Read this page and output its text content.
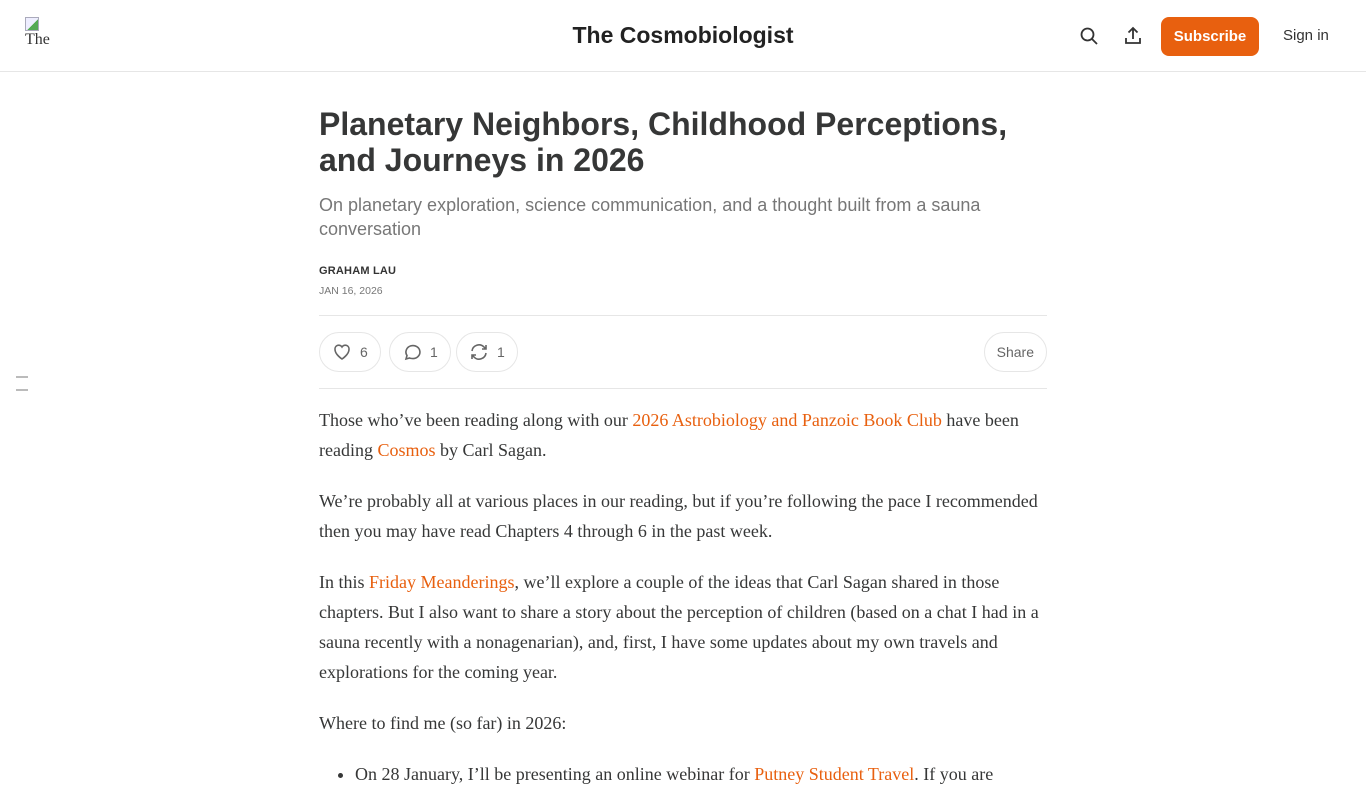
The	The Cosmobiologist	Subscribe	Sign in
Planetary Neighbors, Childhood Perceptions, and Journeys in 2026
On planetary exploration, science communication, and a thought built from a sauna conversation
GRAHAM LAU
JAN 16, 2026
6	1	1	Share

Those who’ve been reading along with our 2026 Astrobiology and Panzoic Book Club have been reading Cosmos by Carl Sagan.

We’re probably all at various places in our reading, but if you’re following the pace I recommended then you may have read Chapters 4 through 6 in the past week.

In this Friday Meanderings, we’ll explore a couple of the ideas that Carl Sagan shared in those chapters. But I also want to share a story about the perception of children (based on a chat I had in a sauna recently with a nonagenarian), and, first, I have some updates about my own travels and explorations for the coming year.

Where to find me (so far) in 2026:

• On 28 January, I’ll be presenting an online webinar for Putney Student Travel. If you are
